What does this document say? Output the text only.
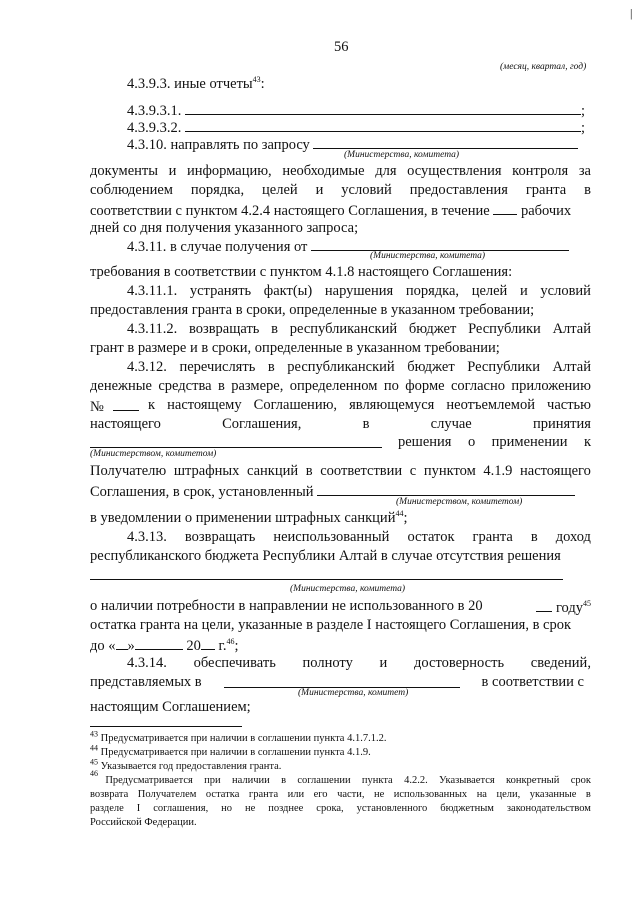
56
|
(месяц, квартал, год)
4.3.9.3. иные отчеты$^{43}$:
4.3.9.3.1.	;
4.3.9.3.2.	;
4.3.10. направлять по запросу
(Министерства, комитета)
документы и информацию, необходимые для осуществления контроля за
соблюдением порядка, целей и условий предоставления гранта в
соответствии с пунктом 4.2.4 настоящего Соглашения, в течение рабочих
дней со дня получения указанного запроса;
4.3.11. в случае получения от
(Министерства, комитета)
требования в соответствии с пунктом 4.1.8 настоящего Соглашения:
4.3.11.1. устранять факт(ы) нарушения порядка, целей и условий
предоставления гранта в сроки, определенные в указанном требовании;
4.3.11.2. возвращать в республиканский бюджет Республики Алтай
грант в размере и в сроки, определенные в указанном требовании;
4.3.12. перечислять в республиканский бюджет Республики Алтай
денежные средства в размере, определенном по форме согласно приложению
№	к настоящему Соглашению, являющемуся неотъемлемой частью
настоящего	Соглашения,	в	случае	принятия
решения о применении к
(Министерством, комитетом)
Получателю штрафных санкций в соответствии с пунктом 4.1.9 настоящего
Соглашения, в срок, установленный
(Министерством, комитетом)
в уведомлении о применении штрафных санкций$^{44}$;
4.3.13. возвращать неиспользованный остаток гранта в доход
республиканского бюджета Республики Алтай в случае отсутствия решения
(Министерства, комитета)
о наличии потребности в направлении не использованного в 20	году$^{45}$
остатка гранта на цели, указанные в разделе I настоящего Соглашения, в срок
до « »	20 г.$^{46}$;
4.3.14. обеспечивать полноту и достоверность сведений,
представляемых в	в соответствии с
(Министерства, комитет)
настоящим Соглашением;
$^{43}$ Предусматривается при наличии в соглашении пункта 4.1.7.1.2.
$^{44}$ Предусматривается при наличии в соглашении пункта 4.1.9.
$^{45}$ Указывается год предоставления гранта.
46
Предусматривается при наличии в соглашении пункта 4.2.2. Указывается конкретный срок
возврата Получателем остатка гранта или его части, не использованных на цели, указанные в
разделе I соглашения, но не позднее срока, установленного бюджетным законодательством
Российской Федерации.
